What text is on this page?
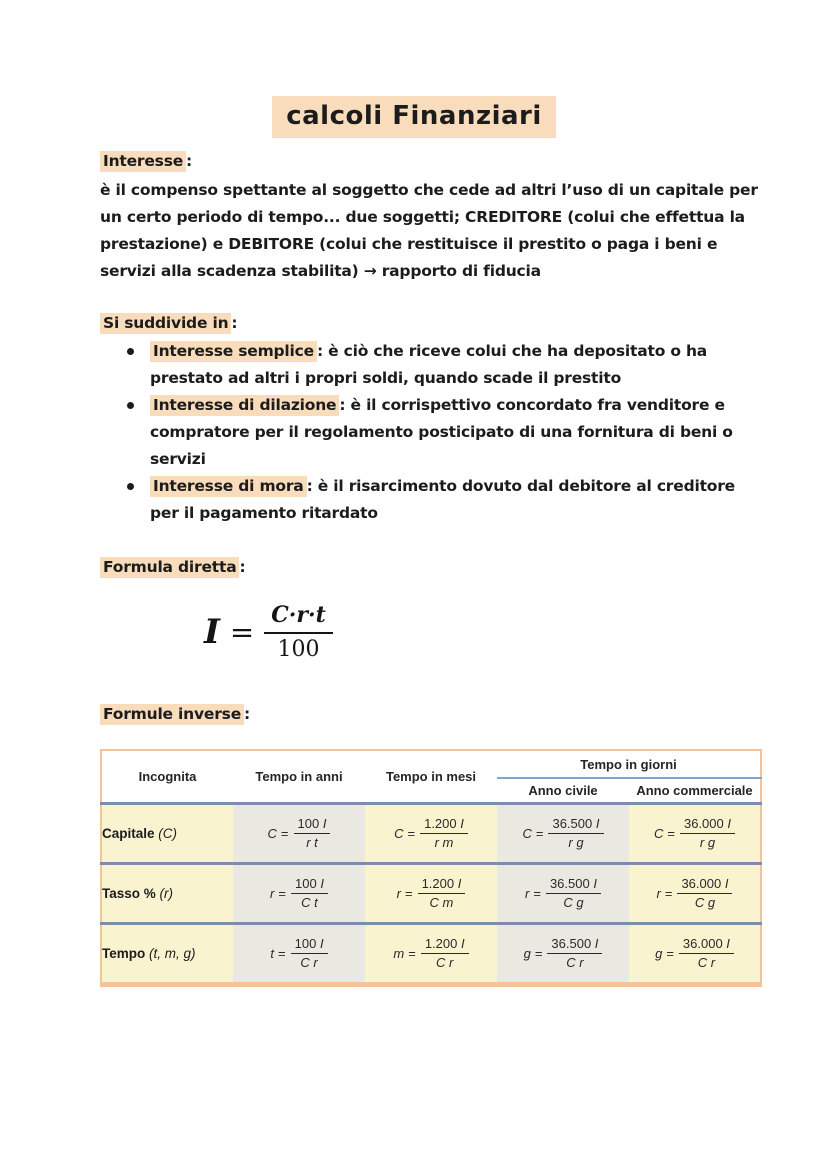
calcoli Finanziari
Interesse :
è il compenso spettante al soggetto che cede ad altri l’uso di un capitale per
un certo periodo di tempo... due soggetti; CREDITORE (colui che effettua la
prestazione) e DEBITORE (colui che restituisce il prestito o paga i beni e
servizi alla scadenza stabilita) → rapporto di fiducia
Si suddivide in :
Interesse semplice : è ciò che riceve colui che ha depositato o ha
prestato ad altri i propri soldi, quando scade il prestito
Interesse di dilazione : è il corrispettivo concordato fra venditore e
compratore per il regolamento posticipato di una fornitura di beni o
servizi
Interesse di mora : è il risarcimento dovuto dal debitore al creditore
per il pagamento ritardato
Formula diretta :
$I = \frac{C\cdot r\cdot t}{100}$
Formule inverse :
Incognita	Tempo in anni	Tempo in mesi	Tempo in giorni	
			Anno civile	Anno commerciale
Capitale (C)	$C = \frac{100 I}{\text{r t}}$	$C = \frac{1.200 I}{\text{r m}}$	$C = \frac{36.500 I}{\text{r g}}$	$C = \frac{36.000 I}{\text{r g}}$

Tasso % (r)	$r = \frac{100 I}{\text{C t}}$	$r = \frac{1.200 I}{\text{C m}}$	$r = \frac{36.500 I}{\text{C g}}$	$r = \frac{36.000 I}{\text{C g}}$

Tempo (t, m, g)	$t = \frac{100 I}{\text{C r}}$	$m = \frac{1.200 I}{\text{C r}}$	$g = \frac{36.500 I}{\text{C r}}$	$g = \frac{36.000 I}{\text{C r}}$
